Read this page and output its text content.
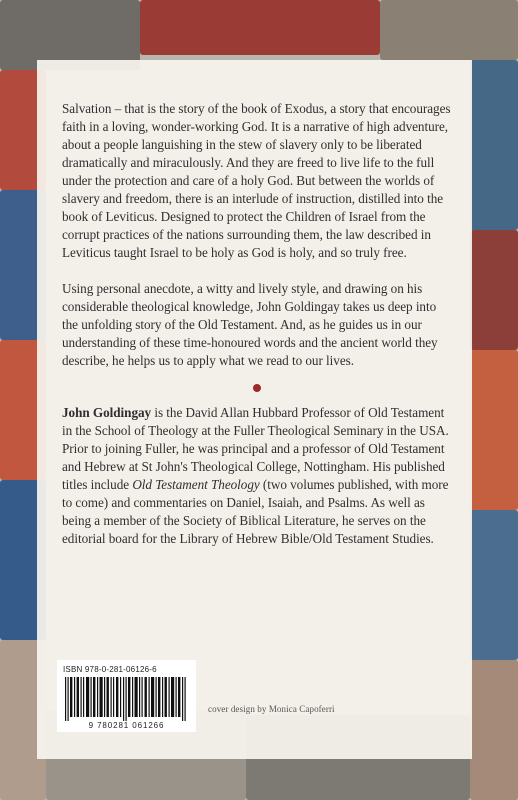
Salvation – that is the story of the book of Exodus, a story that encourages faith in a loving, wonder-working God. It is a narrative of high adventure, about a people languishing in the stew of slavery only to be liberated dramatically and miraculously. And they are freed to live life to the full under the protection and care of a holy God. But between the worlds of slavery and freedom, there is an interlude of instruction, distilled into the book of Leviticus. Designed to protect the Children of Israel from the corrupt practices of the nations surrounding them, the law described in Leviticus taught Israel to be holy as God is holy, and so truly free.

Using personal anecdote, a witty and lively style, and drawing on his considerable theological knowledge, John Goldingay takes us deep into the unfolding story of the Old Testament. And, as he guides us in our understanding of these time-honoured words and the ancient world they describe, he helps us to apply what we read to our lives.

John Goldingay is the David Allan Hubbard Professor of Old Testament in the School of Theology at the Fuller Theological Seminary in the USA. Prior to joining Fuller, he was principal and a professor of Old Testament and Hebrew at St John's Theological College, Nottingham. His published titles include Old Testament Theology (two volumes published, with more to come) and commentaries on Daniel, Isaiah, and Psalms. As well as being a member of the Society of Biblical Literature, he serves on the editorial board for the Library of Hebrew Bible/Old Testament Studies.

ISBN 978-0-281-06126-6
9 780281 061266
cover design by Monica Capoferri
